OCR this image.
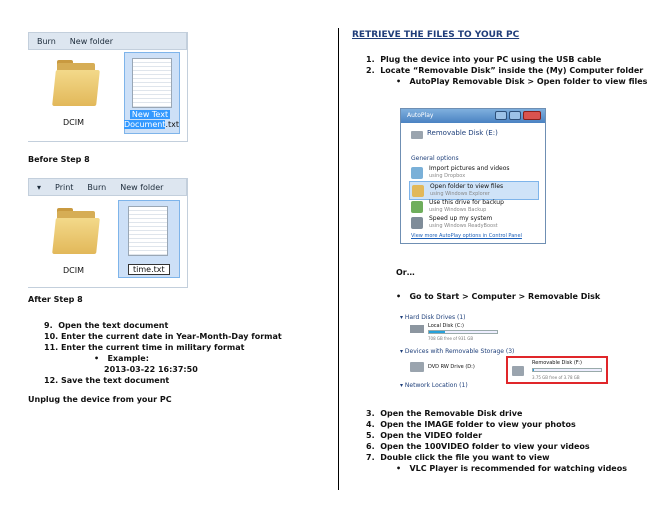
Burn New folder
DCIM
New Text
Document.txt
Before Step 8
▾ Print Burn New folder
DCIM	time.txt
After Step 8
9. Open the text document
10. Enter the current date in Year-Month-Day format
11. Enter the current time in military format
•   Example:
2013-03-22 16:37:50
12. Save the text document
Unplug the device from your PC
RETRIEVE THE FILES TO YOUR PC
1. Plug the device into your PC using the USB cable
2. Locate “Removable Disk” inside the (My) Computer folder
•   AutoPlay Removable Disk > Open folder to view files
AutoPlay
Removable Disk (E:)
General options
Import pictures and videos
using Dropbox
Open folder to view files
using Windows Explorer
Use this drive for backup
using Windows Backup
Speed up my system
using Windows ReadyBoost
View more AutoPlay options in Control Panel
Or…
•   Go to Start > Computer > Removable Disk
▾ Hard Disk Drives (1)
Local Disk (C:)
708 GB free of 931 GB
▾ Devices with Removable Storage (3)
DVD RW Drive (D:)
▾ Network Location (1)
Removable Disk (F:)
3.75 GB free of 3.78 GB
3. Open the Removable Disk drive
4. Open the IMAGE folder to view your photos
5. Open the VIDEO folder
6. Open the 100VIDEO folder to view your videos
7. Double click the file you want to view
•   VLC Player is recommended for watching videos
